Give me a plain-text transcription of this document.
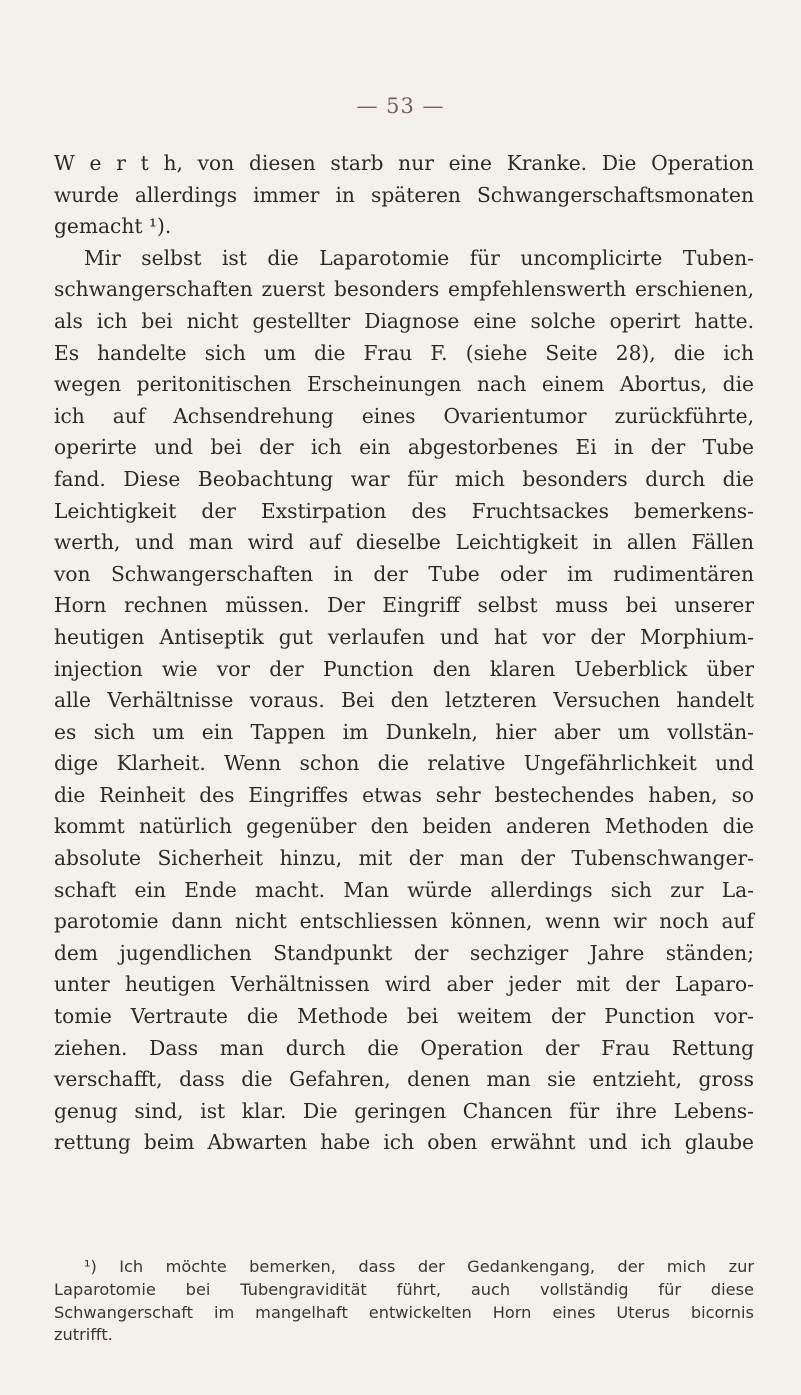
— 53 —
W e r t h, von diesen starb nur eine Kranke. Die Operation
wurde allerdings immer in späteren Schwangerschaftsmonaten
gemacht ¹).
Mir selbst ist die Laparotomie für uncomplicirte Tuben-
schwangerschaften zuerst besonders empfehlenswerth erschienen,
als ich bei nicht gestellter Diagnose eine solche operirt hatte.
Es handelte sich um die Frau F. (siehe Seite 28), die ich
wegen peritonitischen Erscheinungen nach einem Abortus, die
ich auf Achsendrehung eines Ovarientumor zurückführte,
operirte und bei der ich ein abgestorbenes Ei in der Tube
fand. Diese Beobachtung war für mich besonders durch die
Leichtigkeit der Exstirpation des Fruchtsackes bemerkens-
werth, und man wird auf dieselbe Leichtigkeit in allen Fällen
von Schwangerschaften in der Tube oder im rudimentären
Horn rechnen müssen. Der Eingriff selbst muss bei unserer
heutigen Antiseptik gut verlaufen und hat vor der Morphium-
injection wie vor der Punction den klaren Ueberblick über
alle Verhältnisse voraus. Bei den letzteren Versuchen handelt
es sich um ein Tappen im Dunkeln, hier aber um vollstän-
dige Klarheit. Wenn schon die relative Ungefährlichkeit und
die Reinheit des Eingriffes etwas sehr bestechendes haben, so
kommt natürlich gegenüber den beiden anderen Methoden die
absolute Sicherheit hinzu, mit der man der Tubenschwanger-
schaft ein Ende macht. Man würde allerdings sich zur La-
parotomie dann nicht entschliessen können, wenn wir noch auf
dem jugendlichen Standpunkt der sechziger Jahre ständen;
unter heutigen Verhältnissen wird aber jeder mit der Laparo-
tomie Vertraute die Methode bei weitem der Punction vor-
ziehen. Dass man durch die Operation der Frau Rettung
verschafft, dass die Gefahren, denen man sie entzieht, gross
genug sind, ist klar. Die geringen Chancen für ihre Lebens-
rettung beim Abwarten habe ich oben erwähnt und ich glaube
¹) Ich möchte bemerken, dass der Gedankengang, der mich zur
Laparotomie bei Tubengravidität führt, auch vollständig für diese
Schwangerschaft im mangelhaft entwickelten Horn eines Uterus bicornis
zutrifft.
